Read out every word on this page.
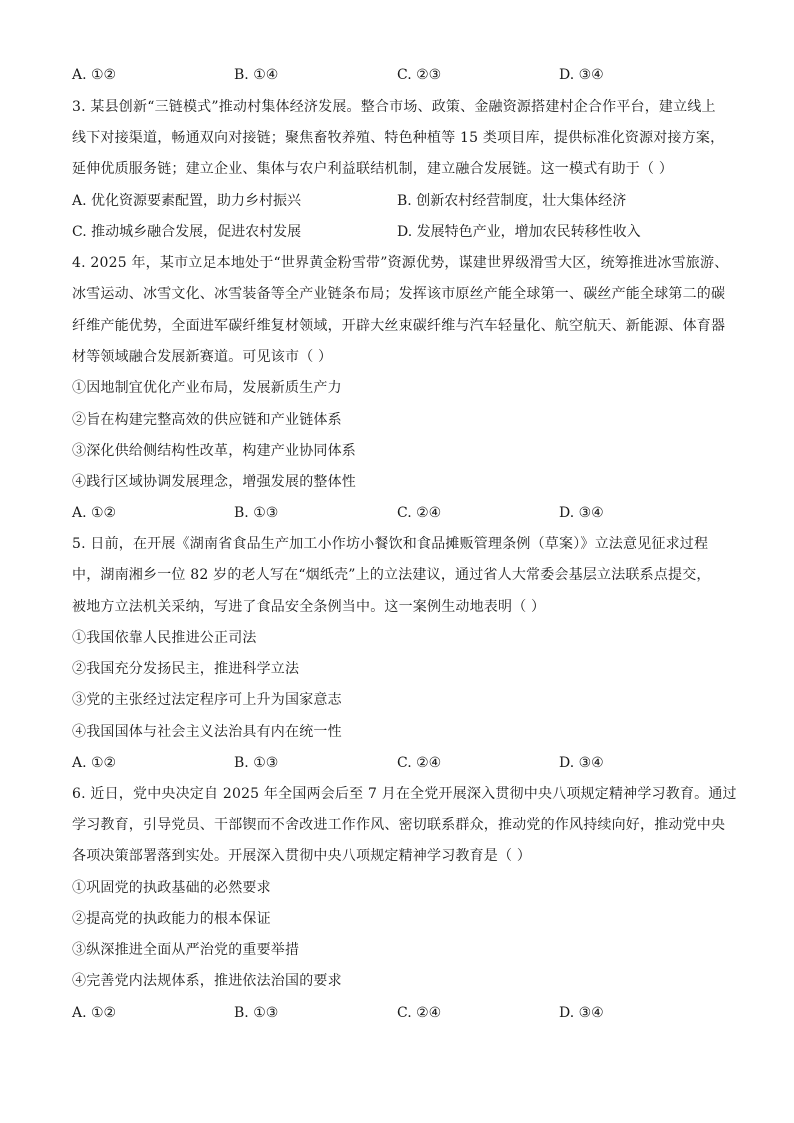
A. ①②	B. ①④	C. ②③	D. ③④
3. 某县创新“三链模式”推动村集体经济发展。整合市场、政策、金融资源搭建村企合作平台，建立线上
线下对接渠道，畅通双向对接链；聚焦畜牧养殖、特色种植等 15 类项目库，提供标准化资源对接方案，
延伸优质服务链；建立企业、集体与农户利益联结机制，建立融合发展链。这一模式有助于（ ）
A. 优化资源要素配置，助力乡村振兴	B. 创新农村经营制度，壮大集体经济
C. 推动城乡融合发展，促进农村发展	D. 发展特色产业，增加农民转移性收入
4. 2025 年，某市立足本地处于“世界黄金粉雪带”资源优势，谋建世界级滑雪大区，统筹推进冰雪旅游、
冰雪运动、冰雪文化、冰雪装备等全产业链条布局；发挥该市原丝产能全球第一、碳丝产能全球第二的碳
纤维产能优势，全面进军碳纤维复材领域，开辟大丝束碳纤维与汽车轻量化、航空航天、新能源、体育器
材等领域融合发展新赛道。可见该市（ ）
①因地制宜优化产业布局，发展新质生产力
②旨在构建完整高效的供应链和产业链体系
③深化供给侧结构性改革，构建产业协同体系
④践行区域协调发展理念，增强发展的整体性
A. ①②	B. ①③	C. ②④	D. ③④
5. 日前，在开展《湖南省食品生产加工小作坊小餐饮和食品摊贩管理条例（草案）》立法意见征求过程
中，湖南湘乡一位 82 岁的老人写在“烟纸壳”上的立法建议，通过省人大常委会基层立法联系点提交，
被地方立法机关采纳，写进了食品安全条例当中。这一案例生动地表明（ ）
①我国依靠人民推进公正司法
②我国充分发扬民主，推进科学立法
③党的主张经过法定程序可上升为国家意志
④我国国体与社会主义法治具有内在统一性
A. ①②	B. ①③	C. ②④	D. ③④
6. 近日，党中央决定自 2025 年全国两会后至 7 月在全党开展深入贯彻中央八项规定精神学习教育。通过
学习教育，引导党员、干部锲而不舍改进工作作风、密切联系群众，推动党的作风持续向好，推动党中央
各项决策部署落到实处。开展深入贯彻中央八项规定精神学习教育是（ ）
①巩固党的执政基础的必然要求
②提高党的执政能力的根本保证
③纵深推进全面从严治党的重要举措
④完善党内法规体系，推进依法治国的要求
A. ①②	B. ①③	C. ②④	D. ③④
